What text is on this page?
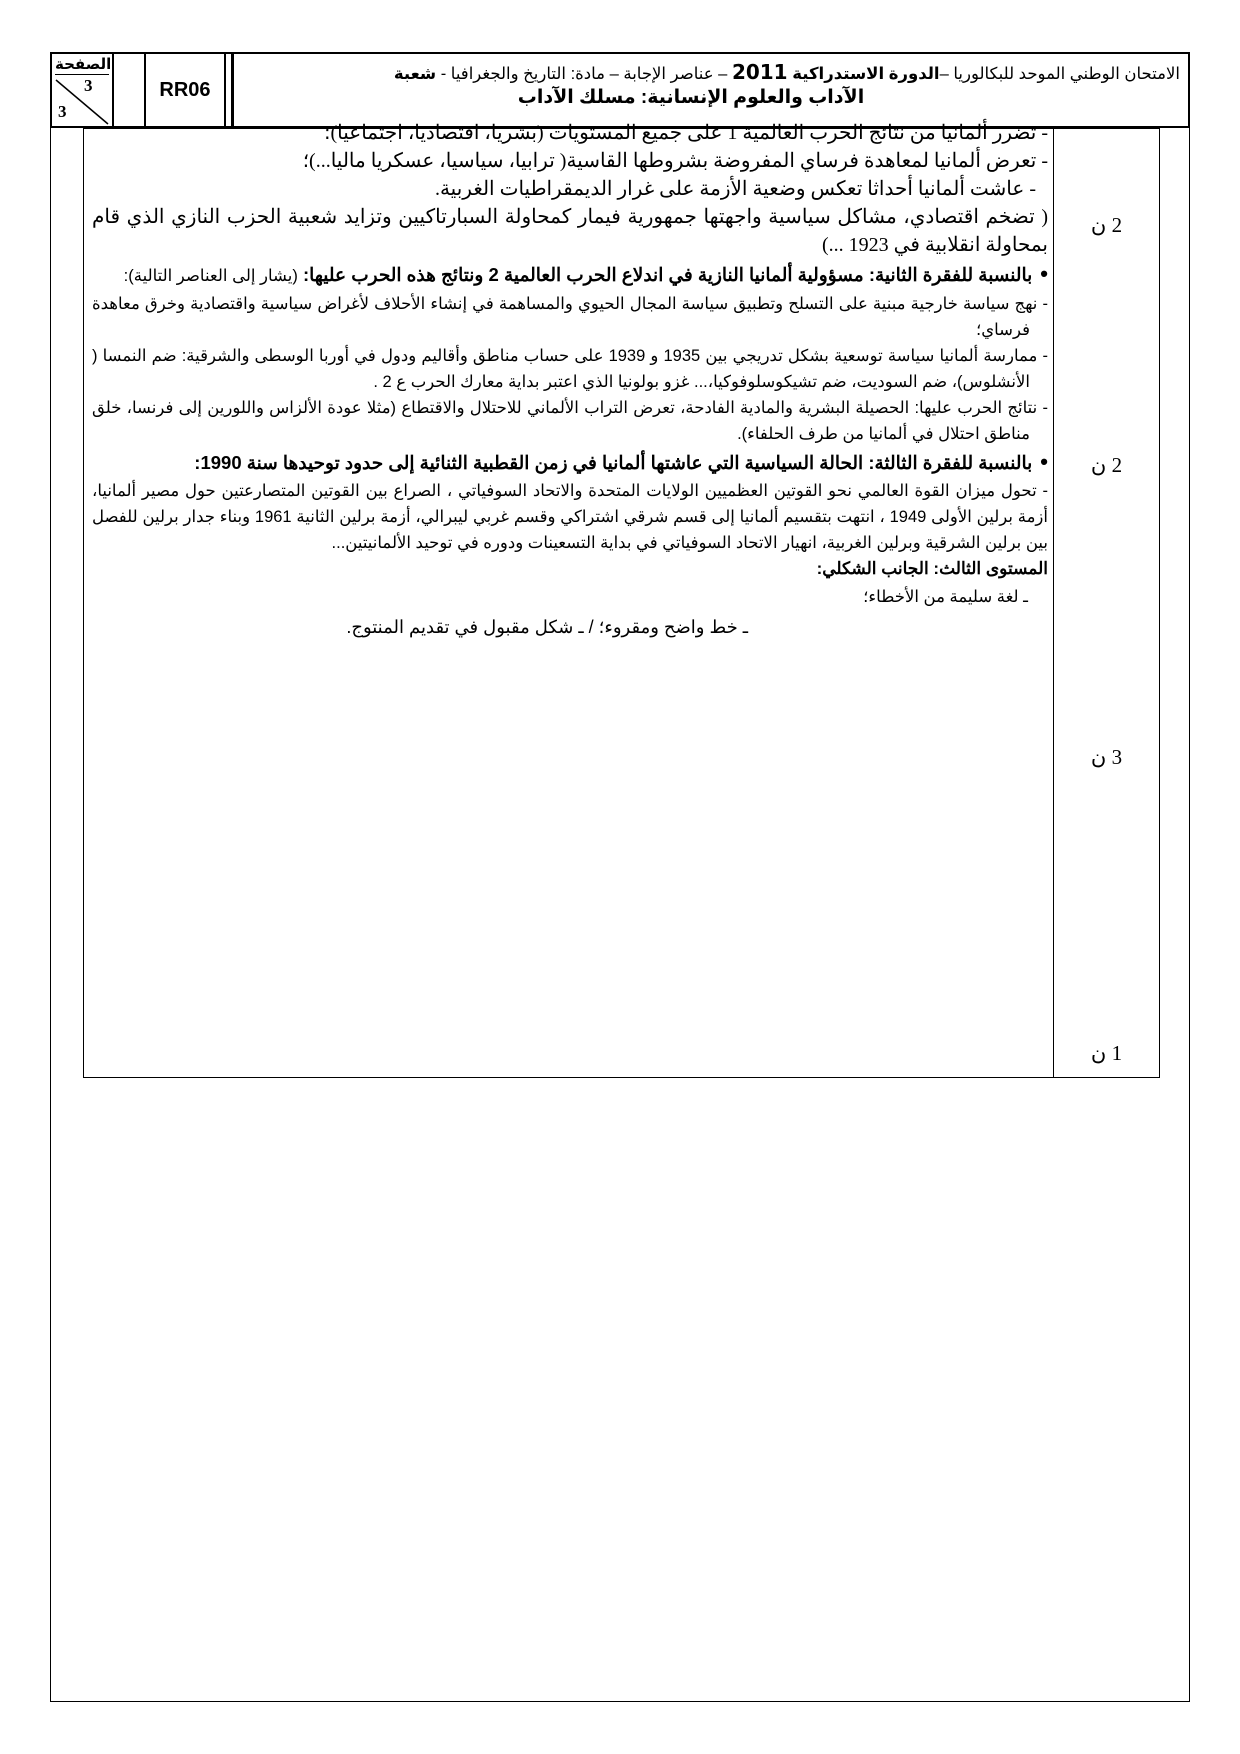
الصفحة
3
3
RR06
الامتحان الوطني الموحد للبكالوريا –الدورة الاستدراكية 2011 – عناصر الإجابة – مادة: التاريخ والجغرافيا - شعبة
الآداب والعلوم الإنسانية: مسلك الآداب
2 ن
2 ن
3 ن
1 ن

- تضرر ألمانيا من نتائج الحرب العالمية 1 على جميع المستويات (بشريا، اقتصاديا، اجتماعيا)؛

- تعرض ألمانيا لمعاهدة فرساي المفروضة بشروطها القاسية( ترابيا، سياسيا، عسكريا ماليا...)؛

- عاشت ألمانيا أحداثا تعكس وضعية الأزمة على غرار الديمقراطيات الغربية.

( تضخم اقتصادي، مشاكل سياسية واجهتها جمهورية فيمار كمحاولة السبارتاكيين وتزايد شعبية الحزب النازي الذي قام بمحاولة انقلابية في 1923 ...)

•بالنسبة للفقرة الثانية: مسؤولية ألمانيا النازية في اندلاع الحرب العالمية 2 ونتائج هذه الحرب عليها: (يشار إلى العناصر التالية):

- نهج سياسة خارجية مبنية على التسلح وتطبيق سياسة المجال الحيوي والمساهمة في إنشاء الأحلاف لأغراض سياسية واقتصادية وخرق معاهدة فرساي؛

- ممارسة ألمانيا سياسة توسعية بشكل تدريجي بين 1935 و 1939 على حساب مناطق وأقاليم ودول في أوربا الوسطى والشرقية: ضم النمسا ( الأنشلوس)، ضم السوديت، ضم تشيكوسلوفوكيا،... غزو بولونيا الذي اعتبر بداية معارك الحرب ع 2 .

- نتائج الحرب عليها: الحصيلة البشرية والمادية الفادحة، تعرض التراب الألماني للاحتلال والاقتطاع (مثلا عودة الألزاس واللورين إلى فرنسا، خلق مناطق احتلال في ألمانيا من طرف الحلفاء).

•بالنسبة للفقرة الثالثة: الحالة السياسية التي عاشتها ألمانيا في زمن القطبية الثنائية إلى حدود توحيدها سنة 1990:

- تحول ميزان القوة العالمي نحو القوتين العظميين الولايات المتحدة والاتحاد السوفياتي ، الصراع بين القوتين المتصارعتين حول مصير ألمانيا، أزمة برلين الأولى 1949 ، انتهت بتقسيم ألمانيا إلى قسم شرقي اشتراكي وقسم غربي ليبرالي، أزمة برلين الثانية 1961 وبناء جدار برلين للفصل بين برلين الشرقية وبرلين الغربية، انهيار الاتحاد السوفياتي في بداية التسعينات ودوره في توحيد الألمانيتين...

المستوى الثالث: الجانب الشكلي:

ـ لغة سليمة من الأخطاء؛

ـ خط واضح ومقروء؛ / ـ شكل مقبول في تقديم المنتوج.
